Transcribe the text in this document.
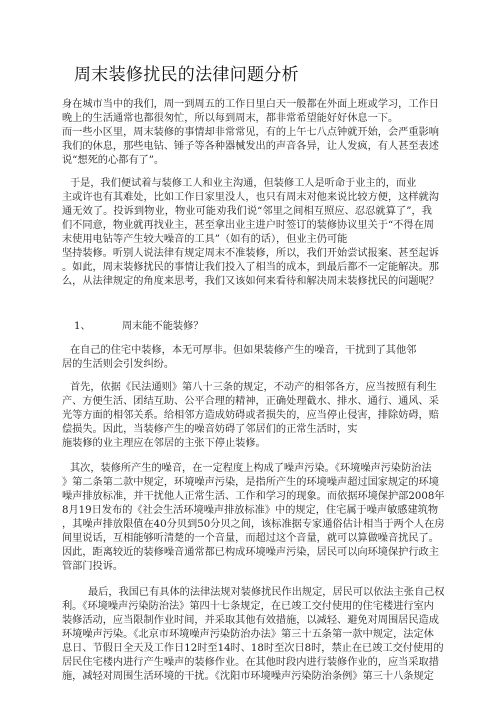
周末装修扰民的法律问题分析
身在城市当中的我们，周一到周五的工作日里白天一般都在外面上班或学习，工作日
晚上的生活通常也都很匆忙，所以每到周末，都非常希望能好好休息一下。
而一些小区里，周末装修的事情却非常常见，有的上午七八点钟就开始，会严重影响
我们的休息，那些电钻、锤子等各种器械发出的声音各异，让人发疯，有人甚至表述
说“想死的心都有了”。
于是，我们便试着与装修工人和业主沟通，但装修工人是听命于业主的，而业
主或许也有其难处，比如工作日家里没人，也只有周末对他来说比较方便，这样就沟
通无效了。投诉到物业，物业可能劝我们说“邻里之间相互照应、忍忍就算了”，我
们不同意，物业就再找业主，甚至拿出业主进户时签订的装修协议里关于“不得在周
末使用电钻等产生较大噪音的工具”（如有的话），但业主仍可能
坚持装修。听别人说法律有规定周末不准装修，所以，我们开始尝试报案、甚至起诉
。如此，周末装修扰民的事情让我们投入了相当的成本，到最后都不一定能解决。那
么，从法律规定的角度来思考，我们又该如何来看待和解决周末装修扰民的问题呢？
1、	周末能不能装修？
在自己的住宅中装修，本无可厚非。但如果装修产生的噪音，干扰到了其他邻
居的生活则会引发纠纷。
首先，依据《民法通则》第八十三条的规定，不动产的相邻各方，应当按照有利生
产、方便生活、团结互助、公平合理的精神，正确处理截水、排水、通行、通风、采
光等方面的相邻关系。给相邻方造成妨碍或者损失的，应当停止侵害，排除妨碍，赔
偿损失。因此，当装修产生的噪音妨碍了邻居们的正常生活时，实
施装修的业主理应在邻居的主张下停止装修。
其次，装修所产生的噪音，在一定程度上构成了噪声污染。《环境噪声污染防治法
》第二条第二款中规定，环境噪声污染，是指所产生的环境噪声超过国家规定的环境
噪声排放标准，并干扰他人正常生活、工作和学习的现象。而依据环境保护部2008年
8月19日发布的《社会生活环境噪声排放标准》中的规定，住宅属于噪声敏感建筑物
，其噪声排放限值在40分贝到50分贝之间，该标准据专家通俗估计相当于两个人在房
间里说话，互相能够听清楚的一个音量，而超过这个音量，就可以算做噪音扰民了。
因此，距离较近的装修噪音通常都已构成环境噪声污染，居民可以向环境保护行政主
管部门投诉。
最后，我国已有具体的法律法规对装修扰民作出规定，居民可以依法主张自己权
利。《环境噪声污染防治法》第四十七条规定，在已竣工交付使用的住宅楼进行室内
装修活动，应当限制作业时间，并采取其他有效措施，以减轻、避免对周围居民造成
环境噪声污染。《北京市环境噪声污染防治办法》第三十五条第一款中规定，法定休
息日、节假日全天及工作日12时至14时、18时至次日8时，禁止在已竣工交付使用的
居民住宅楼内进行产生噪声的装修作业。在其他时段内进行装修作业的，应当采取措
施，减轻对周围生活环境的干扰。《沈阳市环境噪声污染防治条例》第三十八条规定
